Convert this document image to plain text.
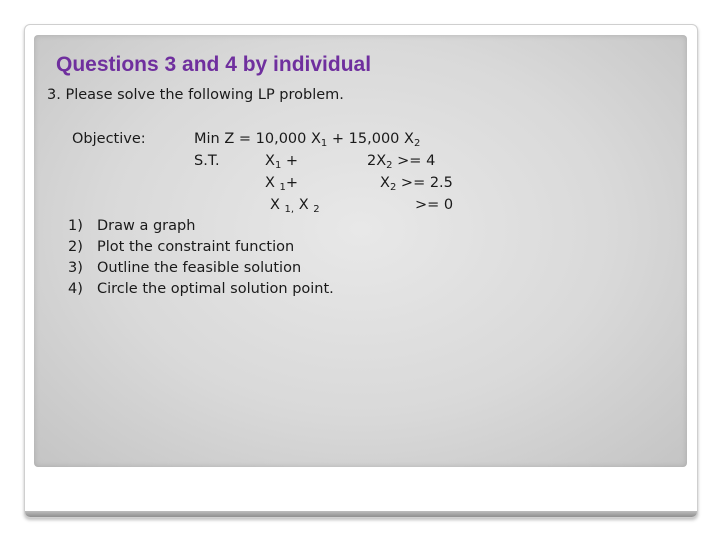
Questions 3 and 4 by individual
3. Please solve the following LP problem.
Objective:	Min Z = 10,000 $X_1 + 15,000$ $X_2$
S.T.	$X_1$ +	$2X_2 >= 4$
X $_1$+	$X_2 >= 2.5$
X $_{1,}$ X $_2$	>= 0
1) Draw a graph
2) Plot the constraint function
3) Outline the feasible solution
4) Circle the optimal solution point.
